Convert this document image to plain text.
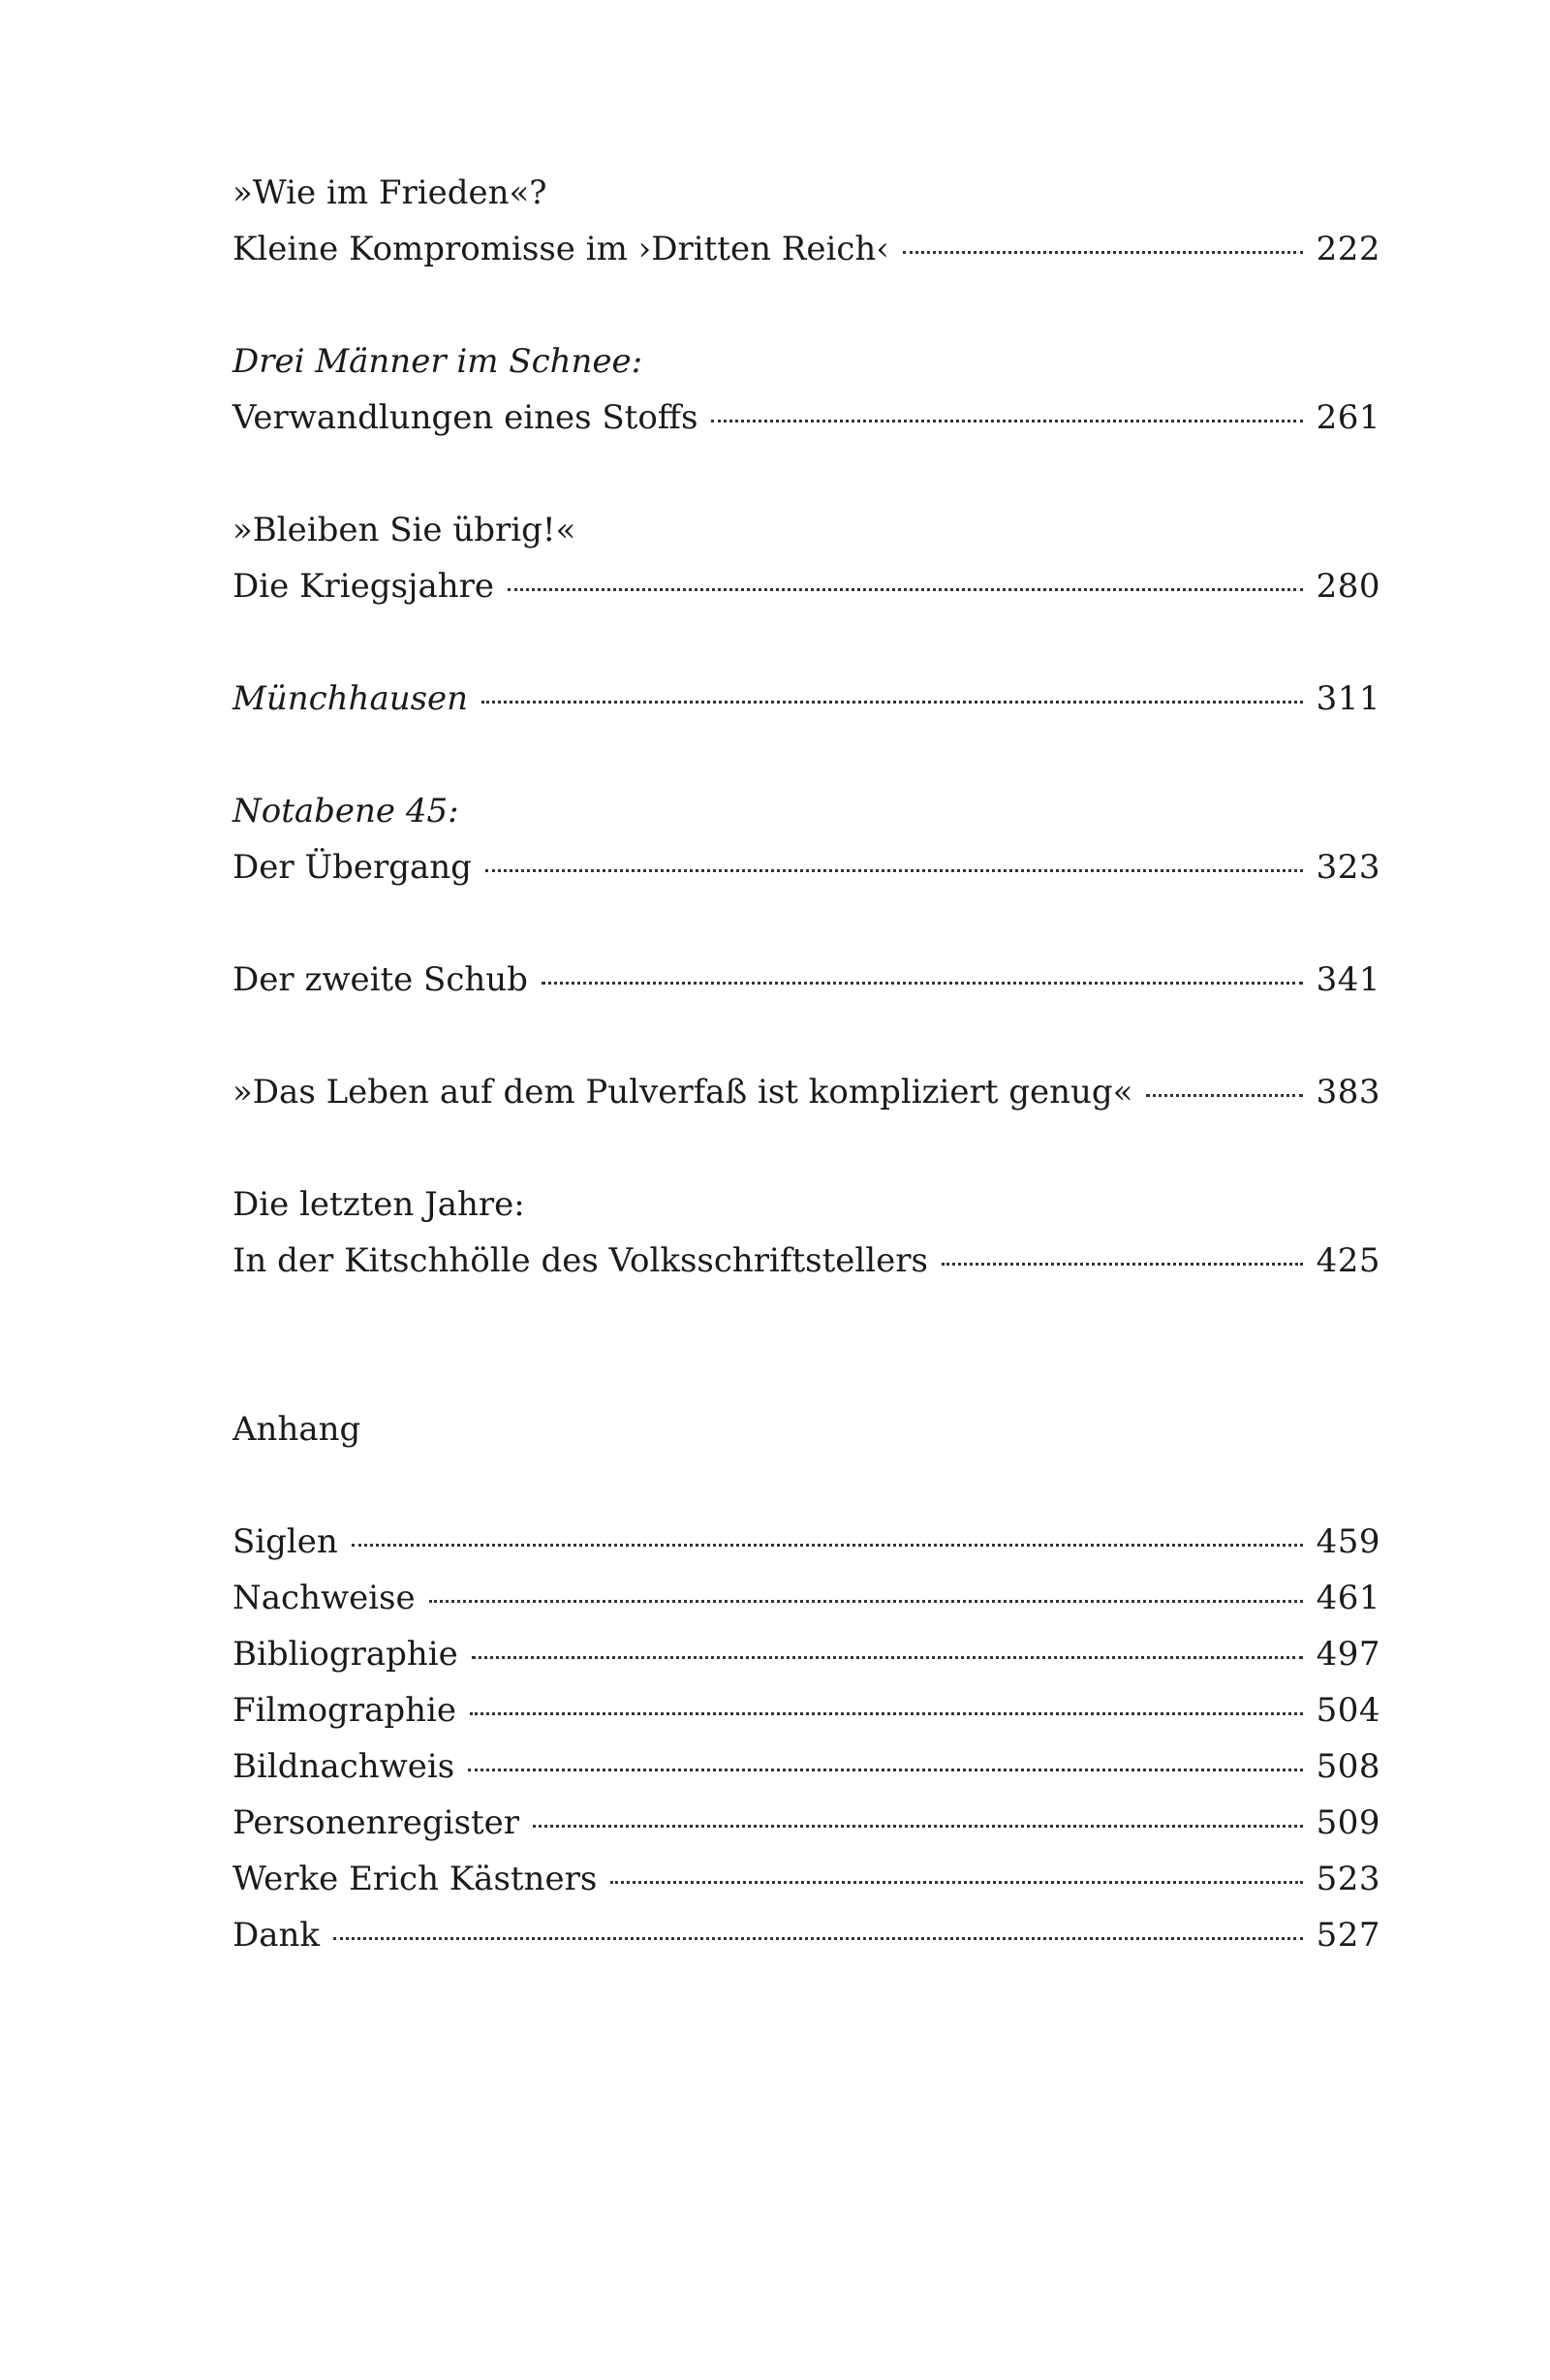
»Wie im Frieden«?
Kleine Kompromisse im ›Dritten Reich‹	222
Drei Männer im Schnee:
Verwandlungen eines Stoffs	261
»Bleiben Sie übrig!«
Die Kriegsjahre	280
Münchhausen	311
Notabene 45:
Der Übergang	323
Der zweite Schub	341
»Das Leben auf dem Pulverfaß ist kompliziert genug«	383
Die letzten Jahre:
In der Kitschhölle des Volksschriftstellers	425
Anhang
Siglen	459
Nachweise	461
Bibliographie	497
Filmographie	504
Bildnachweis	508
Personenregister	509
Werke Erich Kästners	523
Dank	527
